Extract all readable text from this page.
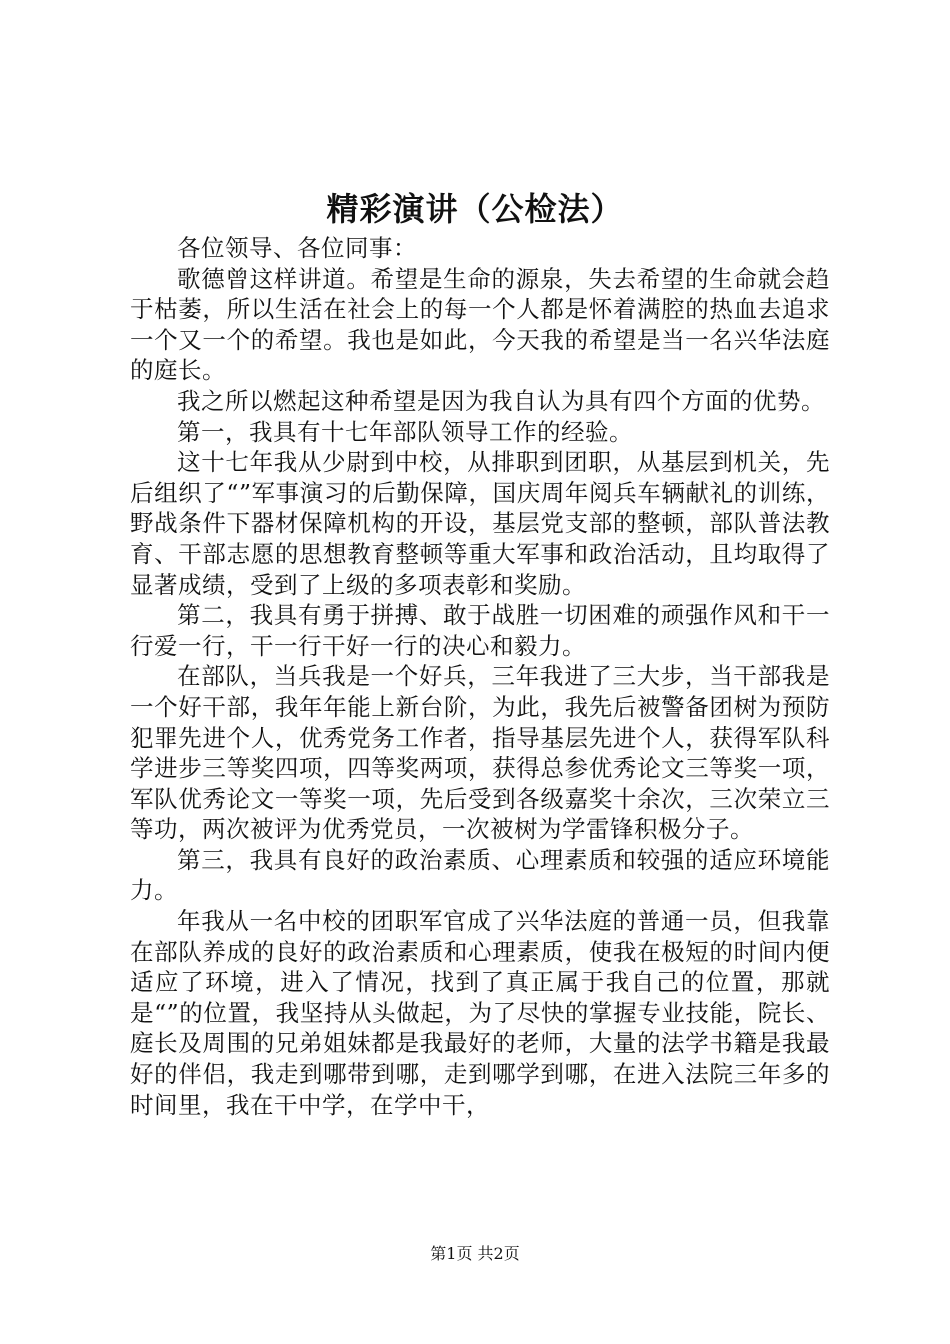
精彩演讲（公检法）

各位领导、各位同事：

歌德曾这样讲道。希望是生命的源泉，失去希望的生命就会趋于枯萎，所以生活在社会上的每一个人都是怀着满腔的热血去追求一个又一个的希望。我也是如此，今天我的希望是当一名兴华法庭的庭长。

我之所以燃起这种希望是因为我自认为具有四个方面的优势。

第一，我具有十七年部队领导工作的经验。

这十七年我从少尉到中校，从排职到团职，从基层到机关，先后组织了“”军事演习的后勤保障，国庆周年阅兵车辆献礼的训练，野战条件下器材保障机构的开设，基层党支部的整顿，部队普法教育、干部志愿的思想教育整顿等重大军事和政治活动，且均取得了显著成绩，受到了上级的多项表彰和奖励。

第二，我具有勇于拼搏、敢于战胜一切困难的顽强作风和干一行爱一行，干一行干好一行的决心和毅力。

在部队，当兵我是一个好兵，三年我进了三大步，当干部我是一个好干部，我年年能上新台阶，为此，我先后被警备团树为预防犯罪先进个人，优秀党务工作者，指导基层先进个人，获得军队科学进步三等奖四项，四等奖两项，获得总参优秀论文三等奖一项，军队优秀论文一等奖一项，先后受到各级嘉奖十余次，三次荣立三等功，两次被评为优秀党员，一次被树为学雷锋积极分子。

第三，我具有良好的政治素质、心理素质和较强的适应环境能力。

年我从一名中校的团职军官成了兴华法庭的普通一员，但我靠在部队养成的良好的政治素质和心理素质，使我在极短的时间内便适应了环境，进入了情况，找到了真正属于我自己的位置，那就是“”的位置，我坚持从头做起，为了尽快的掌握专业技能，院长、庭长及周围的兄弟姐妹都是我最好的老师，大量的法学书籍是我最好的伴侣，我走到哪带到哪，走到哪学到哪，在进入法院三年多的时间里，我在干中学，在学中干，

第1页 共2页
